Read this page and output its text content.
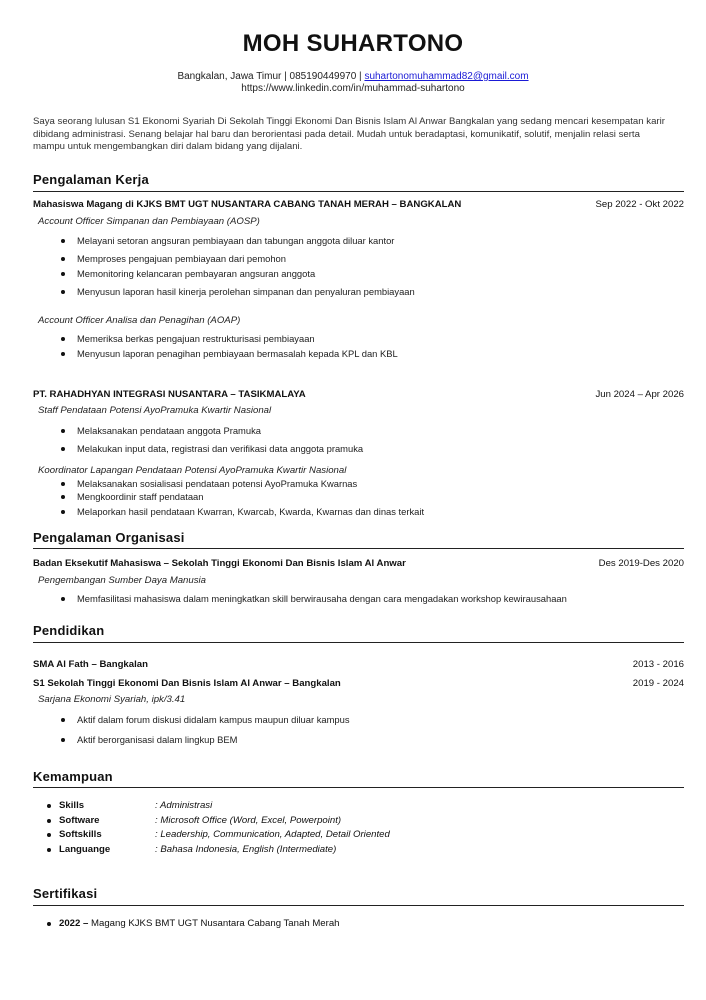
MOH SUHARTONO
Bangkalan, Jawa Timur | 085190449970 | suhartonomuhammad82@gmail.com
https://www.linkedin.com/in/muhammad-suhartono
Saya seorang lulusan S1 Ekonomi Syariah Di Sekolah Tinggi Ekonomi Dan Bisnis Islam Al Anwar Bangkalan yang sedang mencari kesempatan karir dibidang administrasi. Senang belajar hal baru dan berorientasi pada detail. Mudah untuk beradaptasi, komunikatif, solutif, menjalin relasi serta mampu untuk mengembangkan diri dalam bidang yang dijalani.
Pengalaman Kerja
Mahasiswa Magang di KJKS BMT UGT NUSANTARA CABANG TANAH MERAH – BANGKALAN	Sep 2022 - Okt 2022
Account Officer Simpanan dan Pembiayaan (AOSP)
Melayani setoran angsuran pembiayaan dan tabungan anggota diluar kantor
Memproses pengajuan pembiayaan dari pemohon
Memonitoring kelancaran pembayaran angsuran anggota
Menyusun laporan hasil kinerja perolehan simpanan dan penyaluran pembiayaan
Account Officer Analisa dan Penagihan (AOAP)
Memeriksa berkas pengajuan restrukturisasi pembiayaan
Menyusun laporan penagihan pembiayaan bermasalah kepada KPL dan KBL
PT. RAHADHYAN INTEGRASI NUSANTARA – TASIKMALAYA	Jun 2024 – Apr 2026
Staff Pendataan Potensi AyoPramuka Kwartir Nasional
Melaksanakan pendataan anggota Pramuka
Melakukan input data, registrasi dan verifikasi data anggota pramuka
Koordinator Lapangan Pendataan Potensi AyoPramuka Kwartir Nasional
Melaksanakan sosialisasi pendataan potensi AyoPramuka Kwarnas
Mengkoordinir staff pendataan
Melaporkan hasil pendataan Kwarran, Kwarcab, Kwarda, Kwarnas dan dinas terkait
Pengalaman Organisasi
Badan Eksekutif Mahasiswa – Sekolah Tinggi Ekonomi Dan Bisnis Islam Al Anwar	Des 2019-Des 2020
Pengembangan Sumber Daya Manusia
Memfasilitasi mahasiswa dalam meningkatkan skill berwirausaha dengan cara mengadakan workshop kewirausahaan
Pendidikan
SMA Al Fath – Bangkalan	2013 - 2016
S1 Sekolah Tinggi Ekonomi Dan Bisnis Islam Al Anwar – Bangkalan	2019 - 2024
Sarjana Ekonomi Syariah, ipk/3.41
Aktif dalam forum diskusi didalam kampus maupun diluar kampus
Aktif berorganisasi dalam lingkup BEM
Kemampuan
Skills	: Administrasi
Software	: Microsoft Office (Word, Excel, Powerpoint)
Softskills	: Leadership, Communication, Adapted, Detail Oriented
Languange	: Bahasa Indonesia, English (Intermediate)
Sertifikasi
2022 – Magang KJKS BMT UGT Nusantara Cabang Tanah Merah
